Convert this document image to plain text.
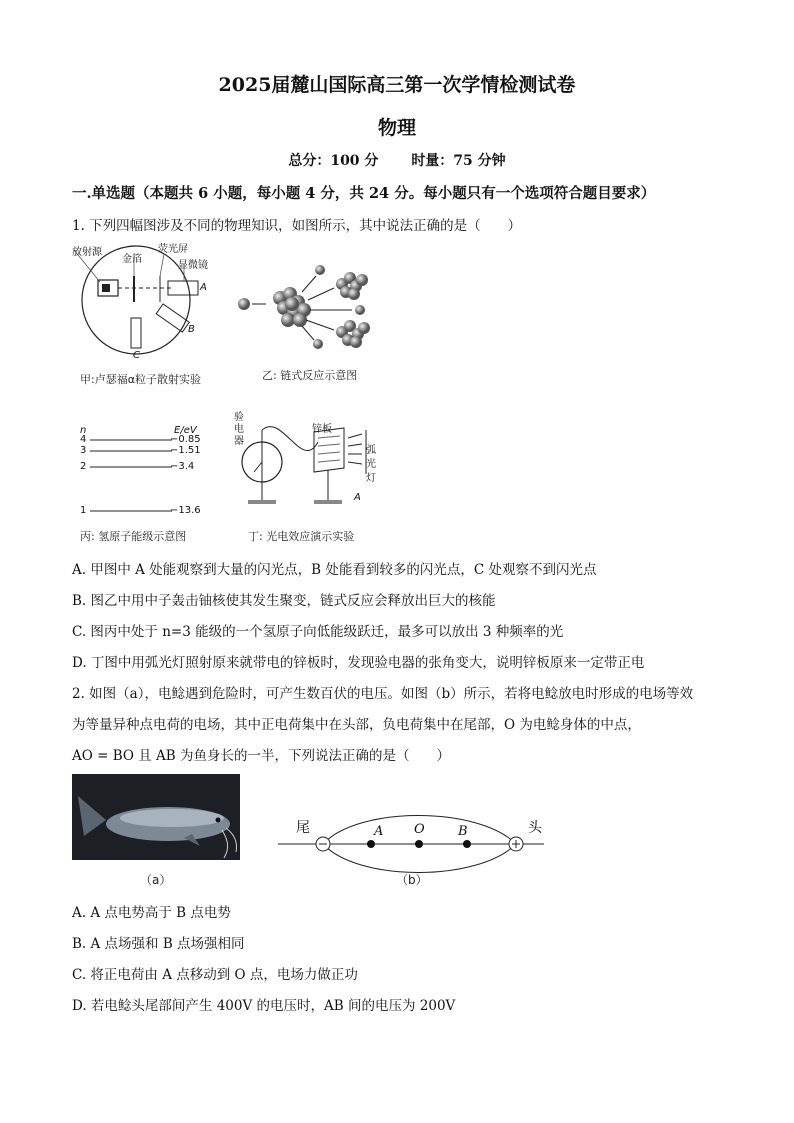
2025届麓山国际高三第一次学情检测试卷
物理
总分：100 分 时量：75 分钟
一.单选题（本题共 6 小题，每小题 4 分，共 24 分。每小题只有一个选项符合题目要求）
1. 下列四幅图涉及不同的物理知识，如图所示，其中说法正确的是（　　）
放射源
金箔
荧光屏
显微镜
A
B
C
甲:卢瑟福α粒子散射实验	乙: 链式反应示意图
n	E/eV
4
3
2
1
−0.85
−1.51
−3.4
−13.6
丙: 氢原子能级示意图
验
电
器
锌板
弧
光
灯
A
丁: 光电效应演示实验
A. 甲图中 A 处能观察到大量的闪光点，B 处能看到较多的闪光点，C 处观察不到闪光点
B. 图乙中用中子轰击铀核使其发生聚变，链式反应会释放出巨大的核能
C. 图丙中处于 n=3 能级的一个氢原子向低能级跃迁，最多可以放出 3 种频率的光
D. 丁图中用弧光灯照射原来就带电的锌板时，发现验电器的张角变大，说明锌板原来一定带正电
2. 如图（a），电鲶遇到危险时，可产生数百伏的电压。如图（b）所示，若将电鲶放电时形成的电场等效
为等量异种点电荷的电场，其中正电荷集中在头部，负电荷集中在尾部，O 为电鲶身体的中点，
AO = BO 且 AB 为鱼身长的一半，下列说法正确的是（　　）
（a）
尾	头
A O	B
（b）
A. A 点电势高于 B 点电势
B. A 点场强和 B 点场强相同
C. 将正电荷由 A 点移动到 O 点，电场力做正功
D. 若电鲶头尾部间产生 400V 的电压时，AB 间的电压为 200V
